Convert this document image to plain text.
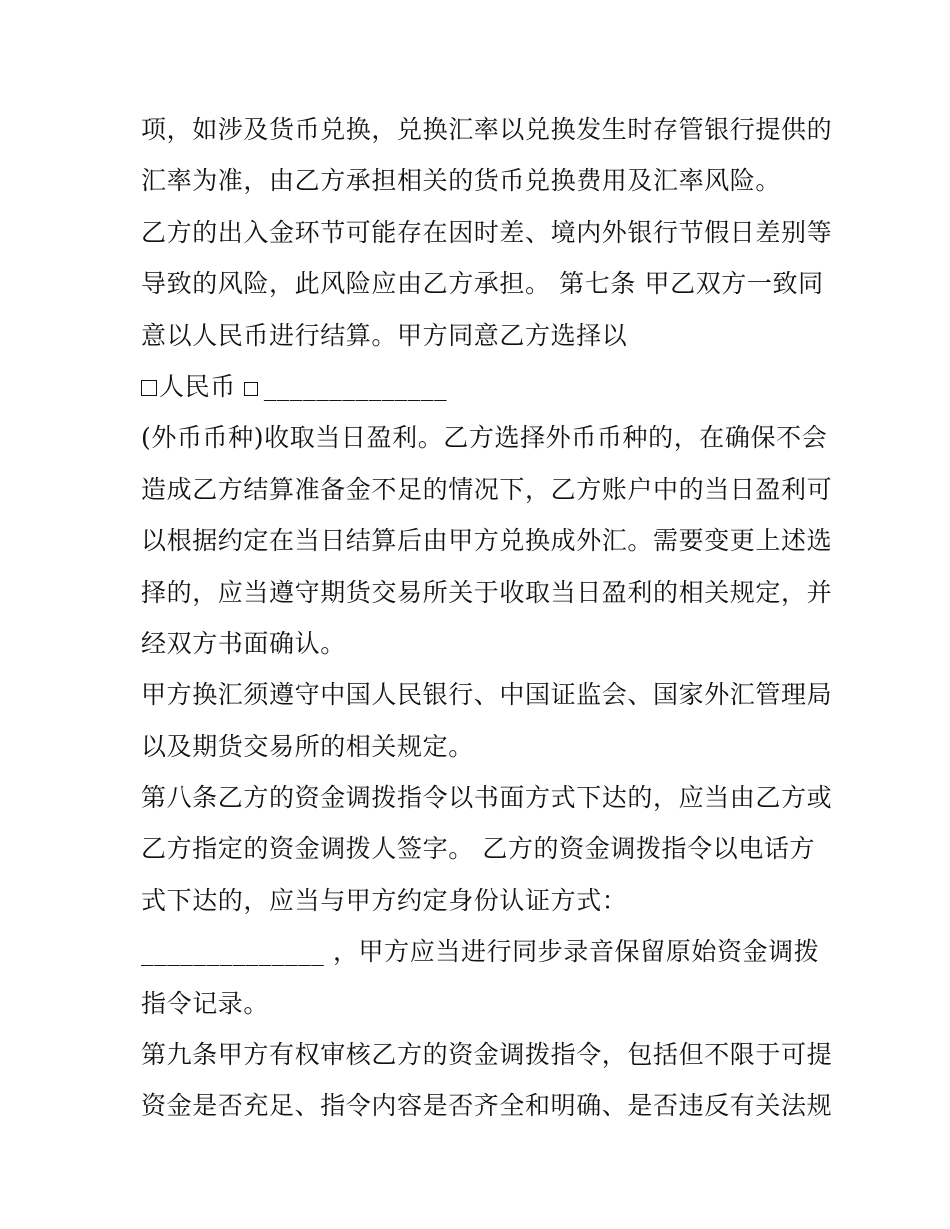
项，如涉及货币兑换，兑换汇率以兑换发生时存管银行提供的
汇率为准，由乙方承担相关的货币兑换费用及汇率风险。
乙方的出入金环节可能存在因时差、境内外银行节假日差别等
导致的风险，此风险应由乙方承担。 第七条 甲乙双方一致同
意以人民币进行结算。甲方同意乙方选择以
人民币 ______________
(外币币种)收取当日盈利。乙方选择外币币种的，在确保不会
造成乙方结算准备金不足的情况下，乙方账户中的当日盈利可
以根据约定在当日结算后由甲方兑换成外汇。需要变更上述选
择的，应当遵守期货交易所关于收取当日盈利的相关规定，并
经双方书面确认。
甲方换汇须遵守中国人民银行、中国证监会、国家外汇管理局
以及期货交易所的相关规定。
第八条乙方的资金调拨指令以书面方式下达的，应当由乙方或
乙方指定的资金调拨人签字。 乙方的资金调拨指令以电话方
式下达的，应当与甲方约定身份认证方式：
______________ ，甲方应当进行同步录音保留原始资金调拨
指令记录。
第九条甲方有权审核乙方的资金调拨指令，包括但不限于可提
资金是否充足、指令内容是否齐全和明确、是否违反有关法规
